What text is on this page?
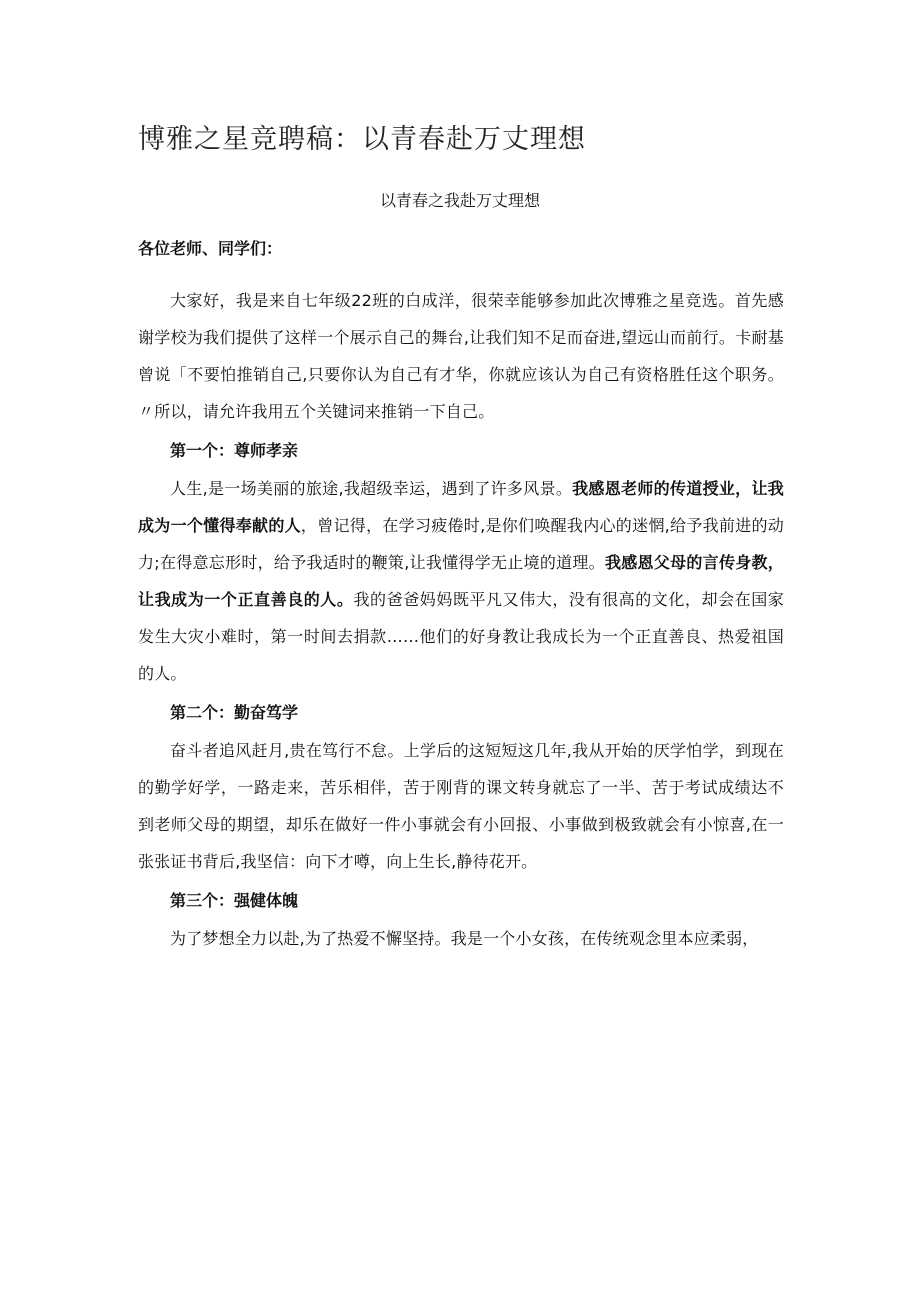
博雅之星竞聘稿：以青春赴万丈理想
以青春之我赴万丈理想
各位老师、同学们：

大家好，我是来自七年级22班的白成洋，很荣幸能够参加此次博雅之星竞选。首先感谢学校为我们提供了这样一个展示自己的舞台,让我们知不足而奋进,望远山而前行。卡耐基曾说「不要怕推销自己,只要你认为自己有才华，你就应该认为自己有资格胜任这个职务。〃所以，请允许我用五个关键词来推销一下自己。

第一个：尊师孝亲

人生,是一场美丽的旅途,我超级幸运，遇到了许多风景。我感恩老师的传道授业，让我成为一个懂得奉献的人，曾记得，在学习疲倦时,是你们唤醒我内心的迷惘,给予我前进的动力;在得意忘形时，给予我适时的鞭策,让我懂得学无止境的道理。我感恩父母的言传身教，让我成为一个正直善良的人。我的爸爸妈妈既平凡又伟大，没有很高的文化，却会在国家发生大灾小难时，第一时间去捐款……他们的好身教让我成长为一个正直善良、热爱祖国的人。

第二个：勤奋笃学

奋斗者追风赶月,贵在笃行不怠。上学后的这短短这几年,我从开始的厌学怕学，到现在的勤学好学，一路走来，苦乐相伴，苦于刚背的课文转身就忘了一半、苦于考试成绩达不到老师父母的期望，却乐在做好一件小事就会有小回报、小事做到极致就会有小惊喜,在一张张证书背后,我坚信：向下才噂，向上生长,静待花开。

第三个：强健体魄

为了梦想全力以赴,为了热爱不懈坚持。我是一个小女孩，在传统观念里本应柔弱，
